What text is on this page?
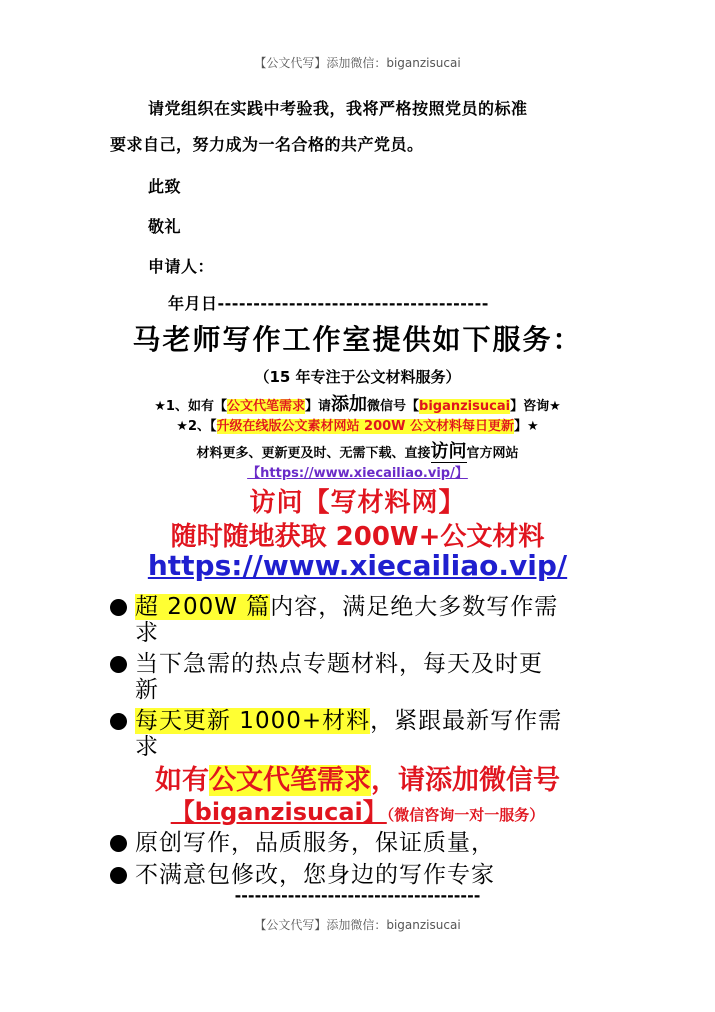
【公文代写】添加微信：biganzisucai
请党组织在实践中考验我，我将严格按照党员的标准
要求自己，努力成为一名合格的共产党员。
此致
敬礼
申请人：
年月日--------------------------------------
马老师写作工作室提供如下服务：
（15 年专注于公文材料服务）
★1、如有【公文代笔需求】请添加微信号【biganzisucai】咨询★
★2、【升级在线版公文素材网站 200W 公文材料每日更新】★
材料更多、更新更及时、无需下载、直接访问官方网站
【https://www.xiecailiao.vip/】
访问【写材料网】
随时随地获取 200W+公文材料
https://www.xiecailiao.vip/
超 200W 篇内容，满足绝大多数写作需
求
当下急需的热点专题材料，每天及时更
新
每天更新 1000+材料，紧跟最新写作需
求
如有公文代笔需求，请添加微信号
【biganzisucai】（微信咨询一对一服务）
原创写作，品质服务，保证质量，
不满意包修改，您身边的写作专家
-------------------------------------
【公文代写】添加微信：biganzisucai
